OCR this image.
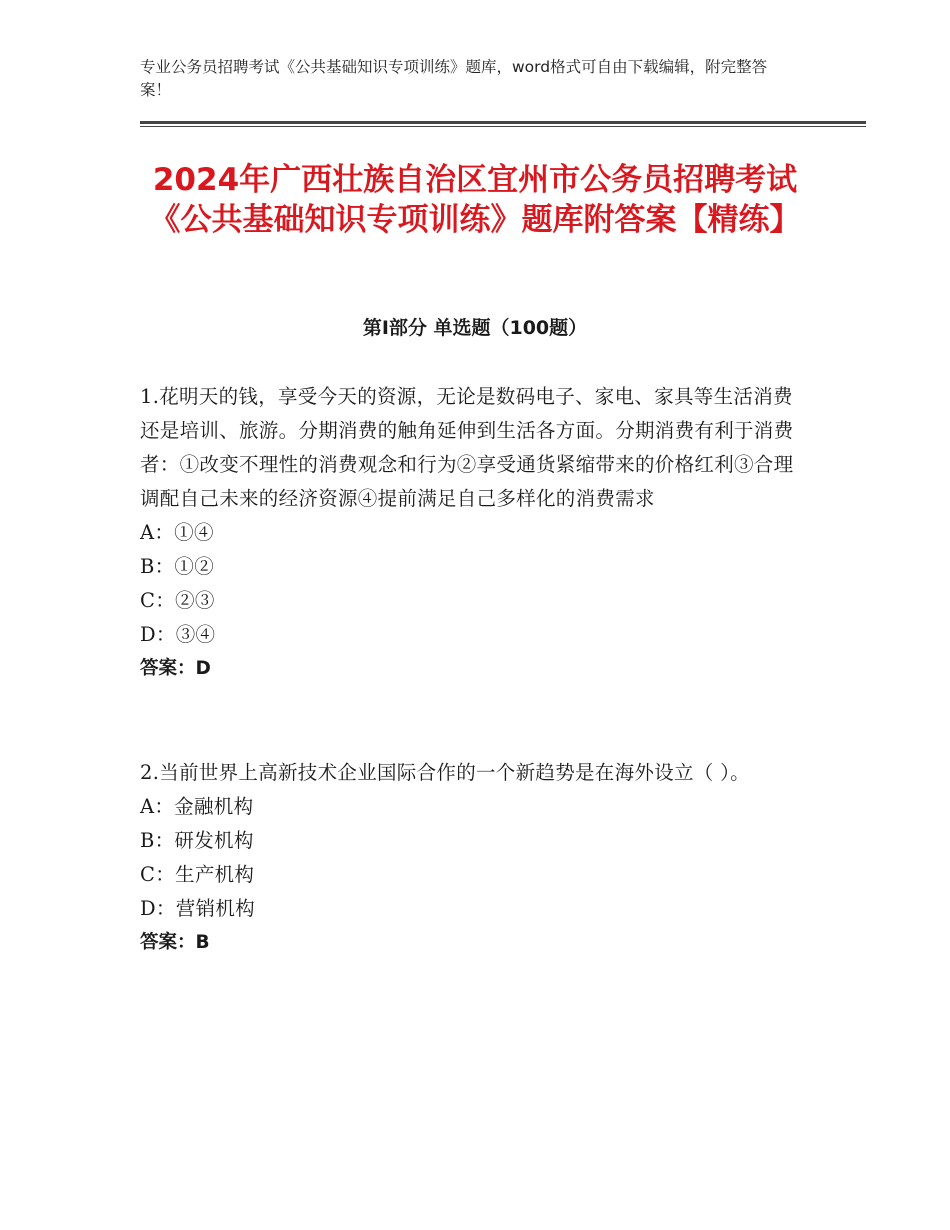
专业公务员招聘考试《公共基础知识专项训练》题库，word格式可自由下载编辑，附完整答案！
2024年广西壮族自治区宜州市公务员招聘考试《公共基础知识专项训练》题库附答案【精练】
第Ⅰ部分 单选题（100题）
1.花明天的钱，享受今天的资源，无论是数码电子、家电、家具等生活消费还是培训、旅游。分期消费的触角延伸到生活各方面。分期消费有利于消费者：①改变不理性的消费观念和行为②享受通货紧缩带来的价格红利③合理调配自己未来的经济资源④提前满足自己多样化的消费需求
A：①④
B：①②
C：②③
D：③④
答案：D
2.当前世界上高新技术企业国际合作的一个新趋势是在海外设立（ ）。
A：金融机构
B：研发机构
C：生产机构
D：营销机构
答案：B
